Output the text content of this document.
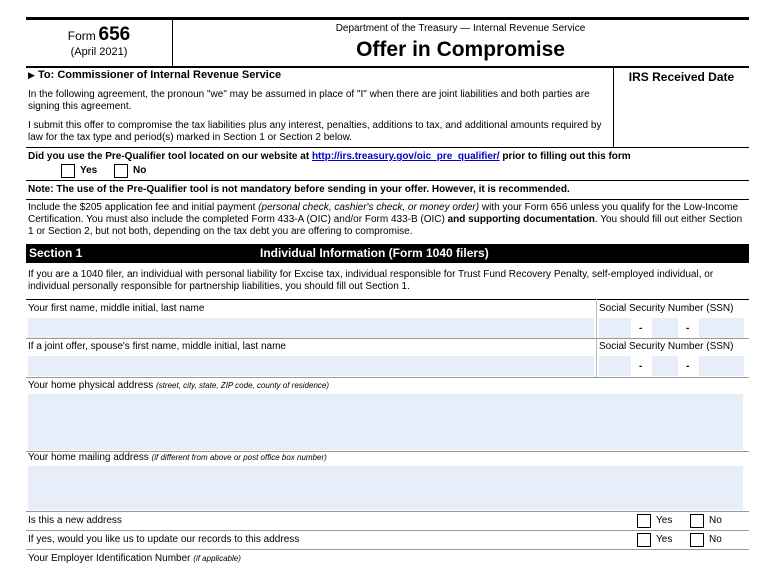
Form 656
(April 2021)
Department of the Treasury — Internal Revenue Service
Offer in Compromise
IRS Received Date
▶ To: Commissioner of Internal Revenue Service
In the following agreement, the pronoun "we" may be assumed in place of "I" when there are joint liabilities and both parties are signing this agreement.
I submit this offer to compromise the tax liabilities plus any interest, penalties, additions to tax, and additional amounts required by law for the tax type and period(s) marked in Section 1 or Section 2 below.
Did you use the Pre-Qualifier tool located on our website at http://irs.treasury.gov/oic_pre_qualifier/ prior to filling out this form
Yes	No
Note: The use of the Pre-Qualifier tool is not mandatory before sending in your offer. However, it is recommended.
Include the $205 application fee and initial payment (personal check, cashier's check, or money order) with your Form 656 unless you qualify for the Low-Income Certification. You must also include the completed Form 433-A (OIC) and/or Form 433-B (OIC) and supporting documentation. You should fill out either Section 1 or Section 2, but not both, depending on the tax debt you are offering to compromise.
Section 1	Individual Information (Form 1040 filers)
If you are a 1040 filer, an individual with personal liability for Excise tax, individual responsible for Trust Fund Recovery Penalty, self-employed individual, or individual personally responsible for partnership liabilities, you should fill out Section 1.
Your first name, middle initial, last name	Social Security Number (SSN)
-	-
If a joint offer, spouse's first name, middle initial, last name	Social Security Number (SSN)
-	-
Your home physical address (street, city, state, ZIP code, county of residence)
Your home mailing address (if different from above or post office box number)
Is this a new address	Yes	No
If yes, would you like us to update our records to this address	Yes	No
Your Employer Identification Number (if applicable)
